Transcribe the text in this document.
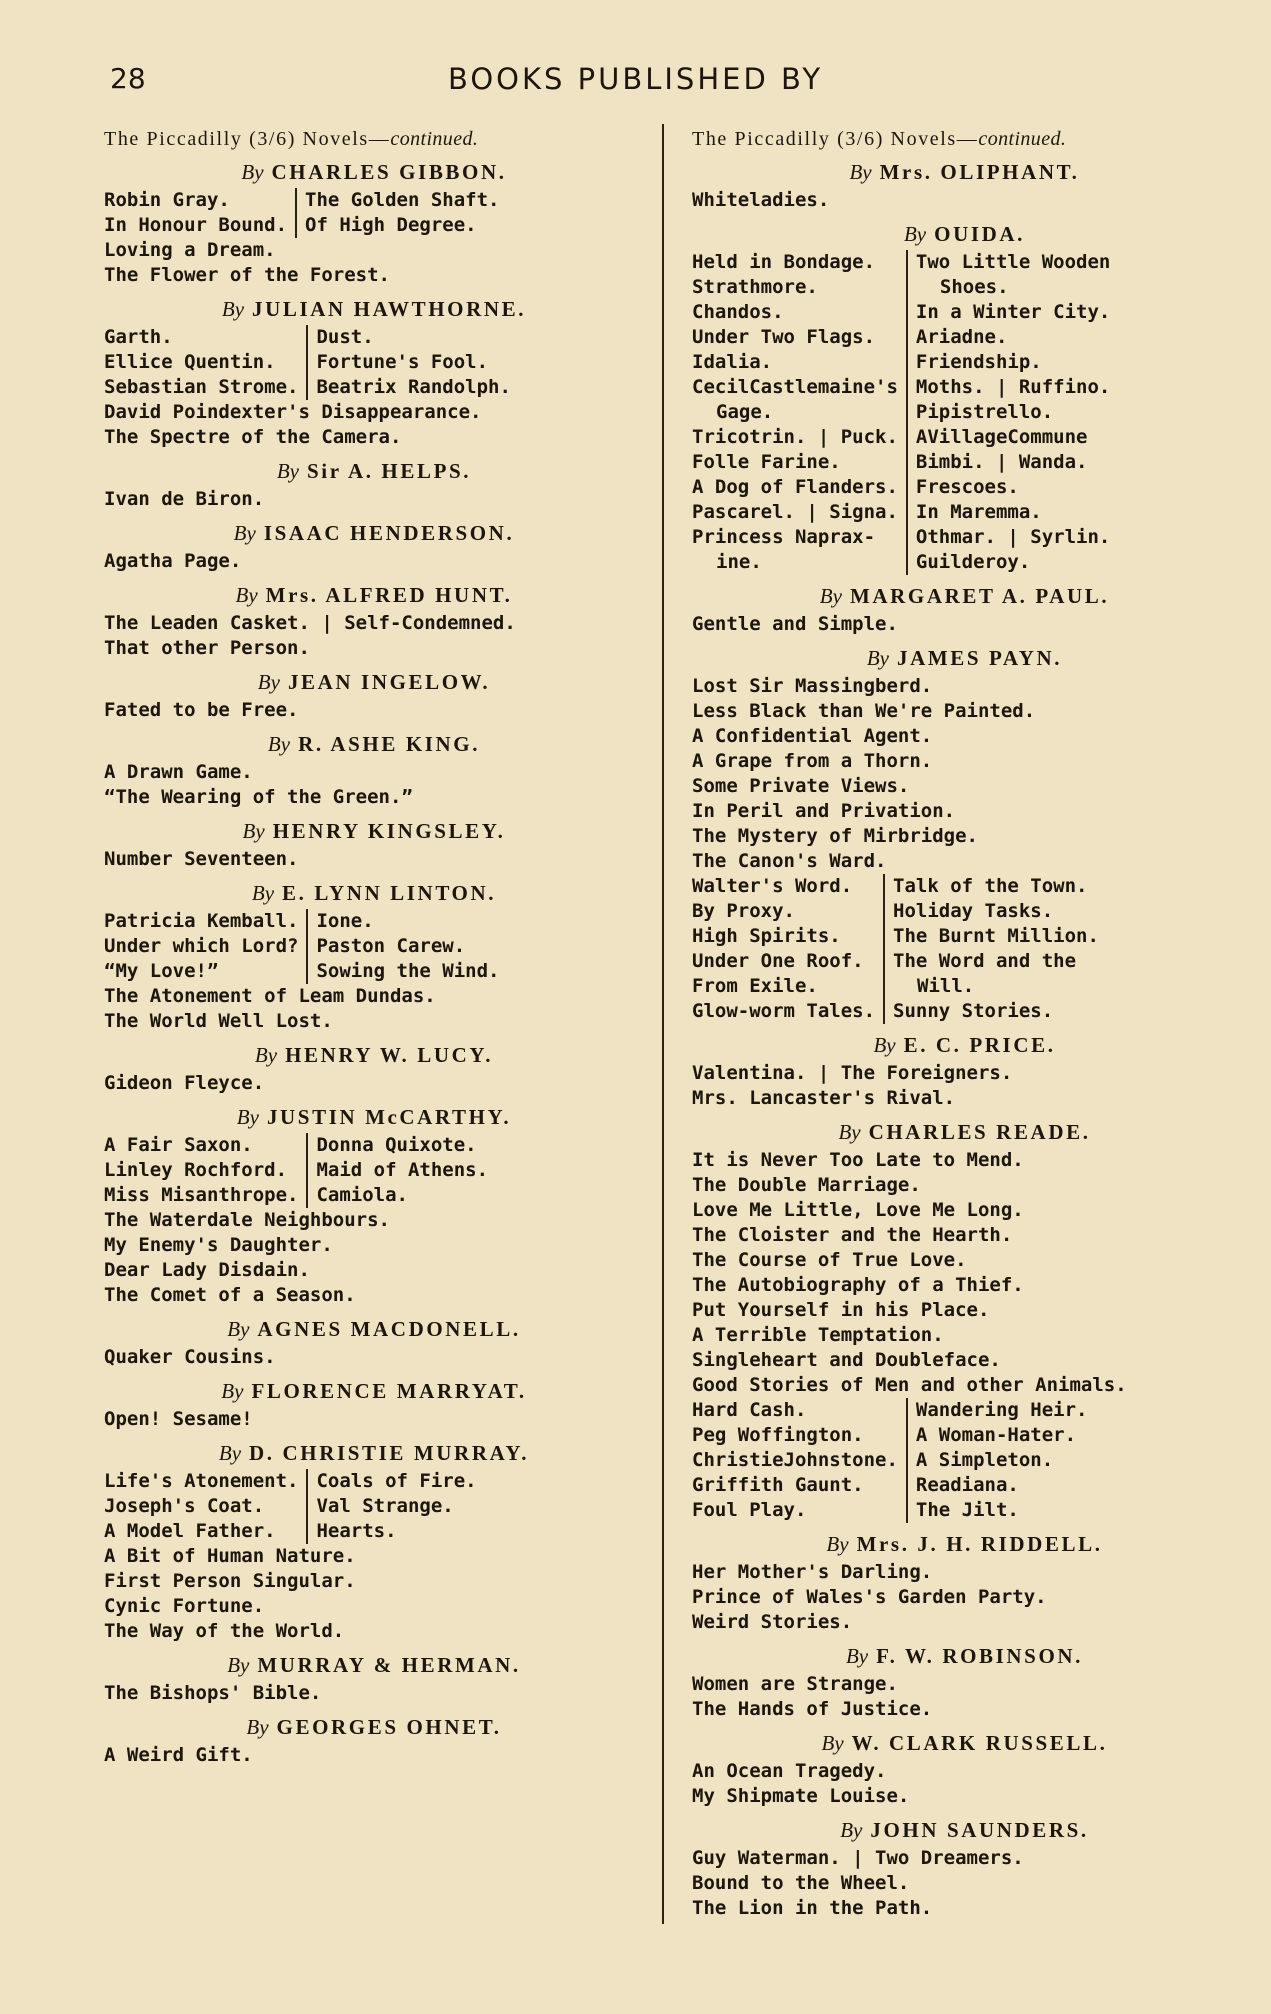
28	BOOKS PUBLISHED BY
The Piccadilly (3/6) Novels—continued.
By CHARLES GIBBON.
Robin Gray.
In Honour Bound.
The Golden Shaft.
Of High Degree.
Loving a Dream.
The Flower of the Forest.
By JULIAN HAWTHORNE.
Garth.
Ellice Quentin.
Sebastian Strome.
Dust.
Fortune's Fool.
Beatrix Randolph.
David Poindexter's Disappearance.
The Spectre of the Camera.
By Sir A. HELPS.
Ivan de Biron.
By ISAAC HENDERSON.
Agatha Page.
By Mrs. ALFRED HUNT.
The Leaden Casket. | Self-Condemned.
That other Person.
By JEAN INGELOW.
Fated to be Free.
By R. ASHE KING.
A Drawn Game.
“The Wearing of the Green.”
By HENRY KINGSLEY.
Number Seventeen.
By E. LYNN LINTON.
Patricia Kemball.
Under which Lord?
“My Love!”
Ione.
Paston Carew.
Sowing the Wind.
The Atonement of Leam Dundas.
The World Well Lost.
By HENRY W. LUCY.
Gideon Fleyce.
By JUSTIN McCARTHY.
A Fair Saxon.
Linley Rochford.
Miss Misanthrope.
Donna Quixote.
Maid of Athens.
Camiola.
The Waterdale Neighbours.
My Enemy's Daughter.
Dear Lady Disdain.
The Comet of a Season.
By AGNES MACDONELL.
Quaker Cousins.
By FLORENCE MARRYAT.
Open! Sesame!
By D. CHRISTIE MURRAY.
Life's Atonement.
Joseph's Coat.
A Model Father.
Coals of Fire.
Val Strange.
Hearts.
A Bit of Human Nature.
First Person Singular.
Cynic Fortune.
The Way of the World.
By MURRAY & HERMAN.
The Bishops' Bible.
By GEORGES OHNET.
A Weird Gift.
The Piccadilly (3/6) Novels—continued.
By Mrs. OLIPHANT.
Whiteladies.
By OUIDA.
Held in Bondage.
Strathmore.
Chandos.
Under Two Flags.
Idalia.
CecilCastlemaine's
Gage.
Tricotrin. | Puck.
Folle Farine.
A Dog of Flanders.
Pascarel. | Signa.
Princess Naprax-
ine.
Two Little Wooden
Shoes.
In a Winter City.
Ariadne.
Friendship.
Moths. | Ruffino.
Pipistrello.
AVillageCommune
Bimbi. | Wanda.
Frescoes.
In Maremma.
Othmar. | Syrlin.
Guilderoy.
By MARGARET A. PAUL.
Gentle and Simple.
By JAMES PAYN.
Lost Sir Massingberd.
Less Black than We're Painted.
A Confidential Agent.
A Grape from a Thorn.
Some Private Views.
In Peril and Privation.
The Mystery of Mirbridge.
The Canon's Ward.
Walter's Word.
By Proxy.
High Spirits.
Under One Roof.
From Exile.
Glow-worm Tales.
Talk of the Town.
Holiday Tasks.
The Burnt Million.
The Word and the
Will.
Sunny Stories.
By E. C. PRICE.
Valentina. | The Foreigners.
Mrs. Lancaster's Rival.
By CHARLES READE.
It is Never Too Late to Mend.
The Double Marriage.
Love Me Little, Love Me Long.
The Cloister and the Hearth.
The Course of True Love.
The Autobiography of a Thief.
Put Yourself in his Place.
A Terrible Temptation.
Singleheart and Doubleface.
Good Stories of Men and other Animals.
Hard Cash.
Peg Woffington.
ChristieJohnstone.
Griffith Gaunt.
Foul Play.
Wandering Heir.
A Woman-Hater.
A Simpleton.
Readiana.
The Jilt.
By Mrs. J. H. RIDDELL.
Her Mother's Darling.
Prince of Wales's Garden Party.
Weird Stories.
By F. W. ROBINSON.
Women are Strange.
The Hands of Justice.
By W. CLARK RUSSELL.
An Ocean Tragedy.
My Shipmate Louise.
By JOHN SAUNDERS.
Guy Waterman. | Two Dreamers.
Bound to the Wheel.
The Lion in the Path.
